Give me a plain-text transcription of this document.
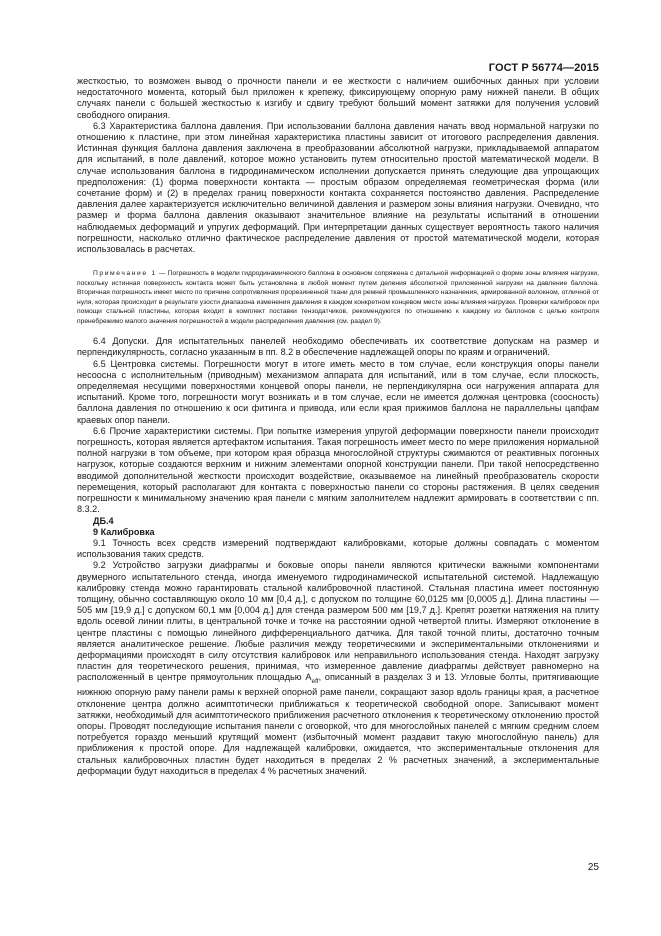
ГОСТ Р 56774—2015

жесткостью, то возможен вывод о прочности панели и ее жесткости с наличием ошибочных данных при условии недостаточного момента, который был приложен к крепежу, фиксирующему опорную раму нижней панели. В общих случаях панели с большей жесткостью к изгибу и сдвигу требуют больший момент затяжки для получения условий свободного опирания.

6.3 Характеристика баллона давления. При использовании баллона давления начать ввод нормальной нагрузки по отношению к пластине, при этом линейная характеристика пластины зависит от итогового распределения давления. Истинная функция баллона давления заключена в преобразовании абсолютной нагрузки, прикладываемой аппаратом для испытаний, в поле давлений, которое можно установить путем относительно простой математической модели. В случае использования баллона в гидродинамическом исполнении допускается принять следующие два упрощающих предположения: (1) форма поверхности контакта — простым образом определяемая геометрическая форма (или сочетание форм) и (2) в пределах границ поверхности контакта сохраняется постоянство давления. Распределение давления далее характеризуется исключительно величиной давления и размером зоны влияния нагрузки. Очевидно, что размер и форма баллона давления оказывают значительное влияние на результаты испытаний в отношении наблюдаемых деформаций и упругих деформаций. При интерпретации данных существует вероятность такого наличия погрешности, насколько отлично фактическое распределение давления от простой математической модели, которая использовалась в расчетах.

Примечание 1 — Погрешность в модели гидродинамического баллона в основном сопряжена с детальной информацией о форме зоны влияния нагрузки, поскольку истинная поверхность контакта может быть установлена в любой момент путем деления абсолютной приложенной нагрузки на давление баллона. Вторичная погрешность имеет место по причине сопротивления прорезиненной ткани для ремней промышленного назначения, армированной волокном, отличной от нуля, которая происходит в результате узости диапазона изменения давления в каждом конкретном концевом месте зоны влияния нагрузки. Проверки калибровок при помощи стальной пластины, которая входит в комплект поставки тензодатчиков, рекомендуются по отношению к каждому из баллонов с целью контроля пренебрежимо малого значения погрешностей в модели распределения давления (см. раздел 9).

6.4 Допуски. Для испытательных панелей необходимо обеспечивать их соответствие допускам на размер и перпендикулярность, согласно указанным в пп. 8.2 в обеспечение надлежащей опоры по краям и ограничений.

6.5 Центровка системы. Погрешности могут в итоге иметь место в том случае, если конструкция опоры панели несоосна с исполнительным (приводным) механизмом аппарата для испытаний, или в том случае, если плоскость, определяемая несущими поверхностями концевой опоры панели, не перпендикулярна оси нагружения аппарата для испытаний. Кроме того, погрешности могут возникать и в том случае, если не имеется должная центровка (соосность) баллона давления по отношению к оси фитинга и привода, или если края прижимов баллона не параллельны цапфам краевых опор панели.

6.6 Прочие характеристики системы. При попытке измерения упругой деформации поверхности панели происходит погрешность, которая является артефактом испытания. Такая погрешность имеет место по мере приложения нормальной полной нагрузки в том объеме, при котором края образца многослойной структуры сжимаются от реактивных погонных нагрузок, которые создаются верхним и нижним элементами опорной конструкции панели. При такой непосредственно вводимой дополнительной жесткости происходит воздействие, оказываемое на линейный преобразователь скорости перемещения, который располагают для контакта с поверхностью панели со стороны растяжения. В целях сведения погрешности к минимальному значению края панели с мягким заполнителем надлежит армировать в соответствии с пп. 8.3.2.

ДБ.4

9 Калибровка

9.1 Точность всех средств измерений подтверждают калибровками, которые должны совпадать с моментом использования таких средств.

9.2 Устройство загрузки диафрагмы и боковые опоры панели являются критически важными компонентами двумерного испытательного стенда, иногда именуемого гидродинамической испытательной системой. Надлежащую калибровку стенда можно гарантировать стальной калибровочной пластиной. Стальная пластина имеет постоянную толщину, обычно составляющую около 10 мм [0,4 д.], с допуском по толщине 60,0125 мм [0,0005 д.]. Длина пластины — 505 мм [19,9 д.] с допуском 60,1 мм [0,004 д.] для стенда размером 500 мм [19,7 д.]. Крепят розетки натяжения на плиту вдоль осевой линии плиты, в центральной точке и точке на расстоянии одной четвертой плиты. Измеряют отклонение в центре пластины с помощью линейного дифференциального датчика. Для такой точной плиты, достаточно точным является аналитическое решение. Любые различия между теоретическими и экспериментальными отклонениями и деформациями происходят в силу отсутствия калибровок или неправильного использования стенда. Находят загрузку пластин для теоретического решения, принимая, что измеренное давление диафрагмы действует равномерно на расположенный в центре прямоугольник площадью $A_{eff}$, описанный в разделах 3 и 13. Угловые болты, притягивающие нижнюю опорную раму панели рамы к верхней опорной раме панели, сокращают зазор вдоль границы края, а расчетное отклонение центра должно асимптотически приближаться к теоретической свободной опоре. Записывают момент затяжки, необходимый для асимптотического приближения расчетного отклонения к теоретическому отклонению простой опоры. Проводят последующие испытания панели с оговоркой, что для многослойных панелей с мягким средним слоем потребуется гораздо меньший крутящий момент (избыточный момент раздавит такую многослойную панель) для приближения к простой опоре. Для надлежащей калибровки, ожидается, что экспериментальные отклонения для стальных калибровочных пластин будет находиться в пределах 2 % расчетных значений, а экспериментальные деформации будут находиться в пределах 4 % расчетных значений.

25
